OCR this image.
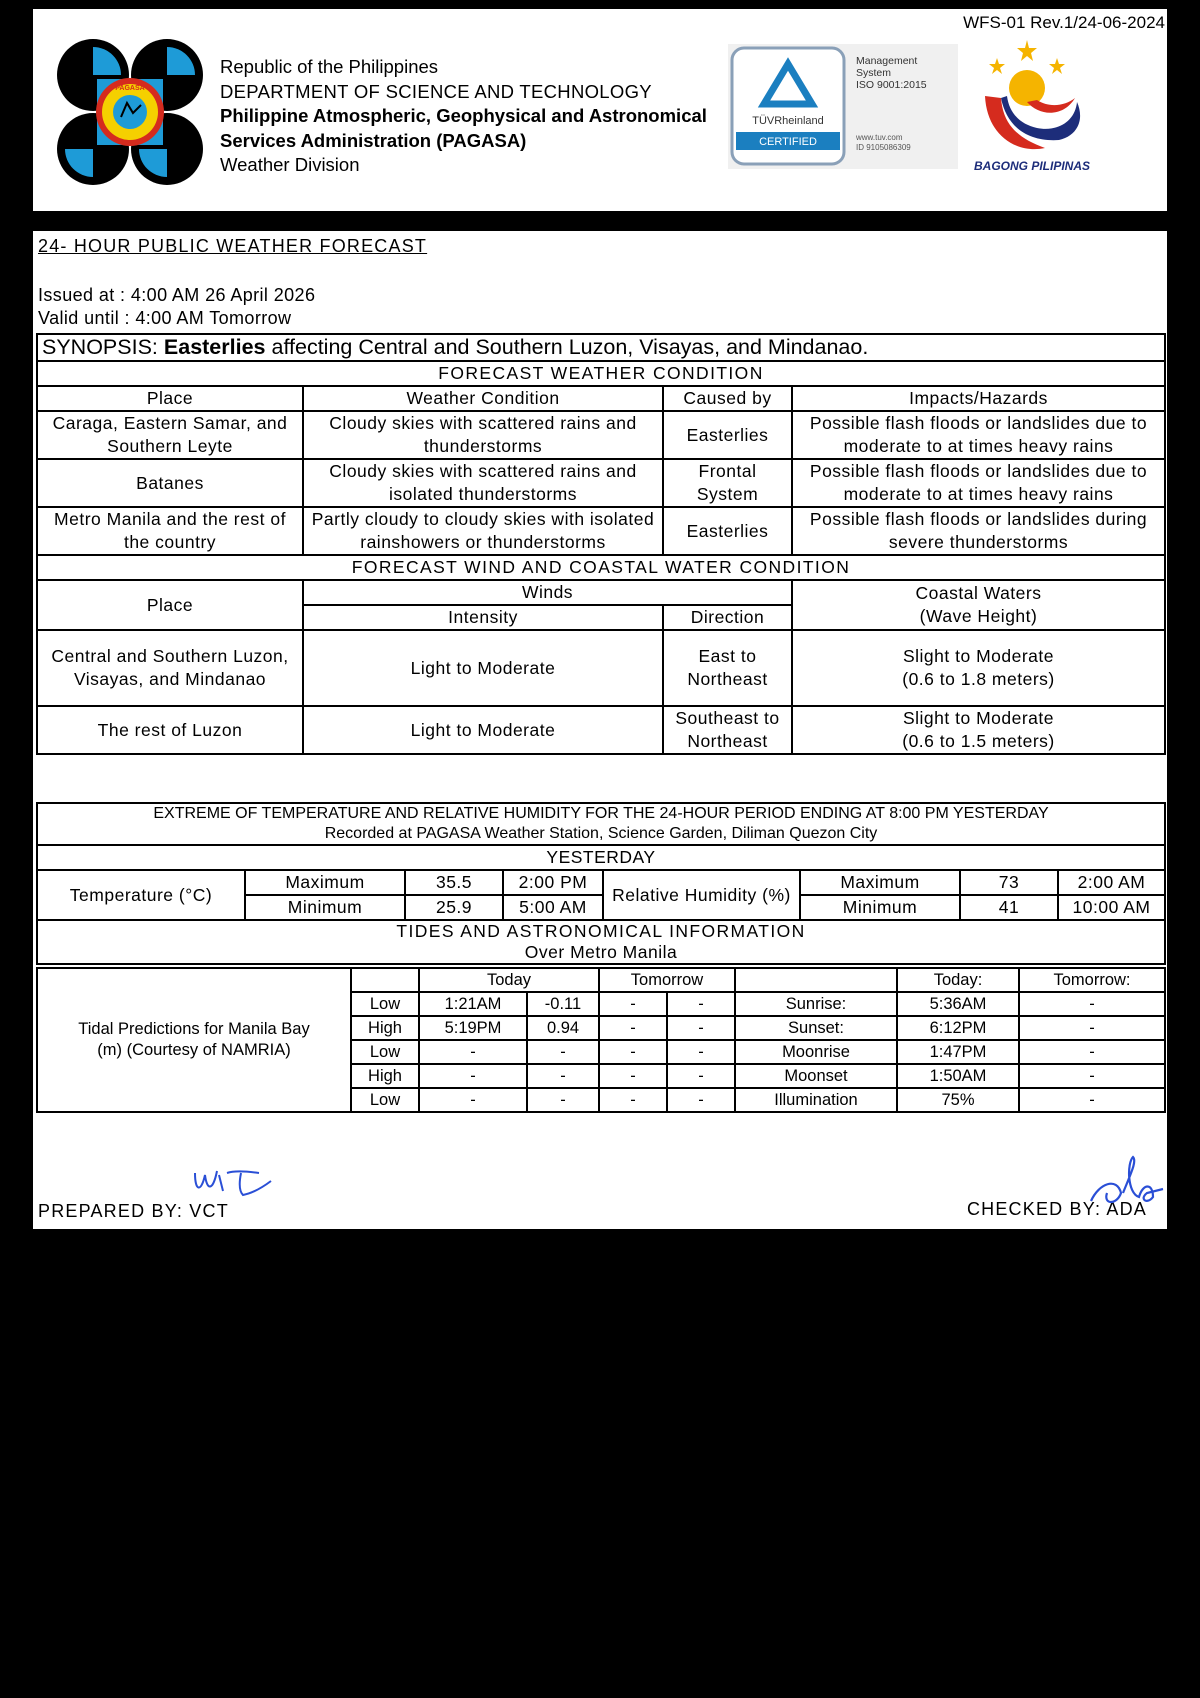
WFS-01 Rev.1/24-06-2024
PAGASA
Republic of the Philippines
DEPARTMENT OF SCIENCE AND TECHNOLOGY
Philippine Atmospheric, Geophysical and Astronomical
Services Administration (PAGASA)
Weather Division
TÜVRheinland
CERTIFIED
Management
System
ISO 9001:2015
www.tuv.com
ID 9105086309
BAGONG PILIPINAS
24- HOUR PUBLIC WEATHER FORECAST
Issued at : 4:00 AM 26 April 2026
Valid until : 4:00 AM Tomorrow
SYNOPSIS: Easterlies affecting Central and Southern Luzon, Visayas, and Mindanao.			
FORECAST WEATHER CONDITION			
Place	Weather Condition	Caused by	Impacts/Hazards
Caraga, Eastern Samar, and Southern Leyte	Cloudy skies with scattered rains and thunderstorms	Easterlies	Possible flash floods or landslides due to moderate to at times heavy rains
Batanes	Cloudy skies with scattered rains and isolated thunderstorms	Frontal System	Possible flash floods or landslides due to moderate to at times heavy rains
Metro Manila and the rest of the country	Partly cloudy to cloudy skies with isolated rainshowers or thunderstorms	Easterlies	Possible flash floods or landslides during severe thunderstorms
FORECAST WIND AND COASTAL WATER CONDITION			
Place	Winds		Coastal Waters
(Wave Height)

	Intensity	Direction	
Central and Southern Luzon, Visayas, and Mindanao	Light to Moderate	East to Northeast	Slight to Moderate
(0.6 to 1.8 meters)

The rest of Luzon	Light to Moderate	Southeast to Northeast	Slight to Moderate
(0.6 to 1.5 meters)
EXTREME OF TEMPERATURE AND RELATIVE HUMIDITY FOR THE 24-HOUR PERIOD ENDING AT 8:00 PM YESTERDAY
Recorded at PAGASA Weather Station, Science Garden, Diliman Quezon City							

YESTERDAY							
Temperature (°C)	Maximum	35.5	2:00 PM	Relative Humidity (%)	Maximum	73	2:00 AM
	Minimum	25.9	5:00 AM		Minimum	41	10:00 AM

TIDES AND ASTRONOMICAL INFORMATION
Over Metro Manila							
Tidal Predictions for Manila Bay (m) (Courtesy of NAMRIA)		Today		Tomorrow			Today:	Tomorrow:
	Low	1:21AM	-0.11	-	-	Sunrise:	5:36AM	-
	High	5:19PM	0.94	-	-	Sunset:	6:12PM	-
	Low	-	-	-	-	Moonrise	1:47PM	-
	High	-	-	-	-	Moonset	1:50AM	-
	Low	-	-	-	-	Illumination	75%	-
PREPARED BY: VCT	CHECKED BY: ADA
